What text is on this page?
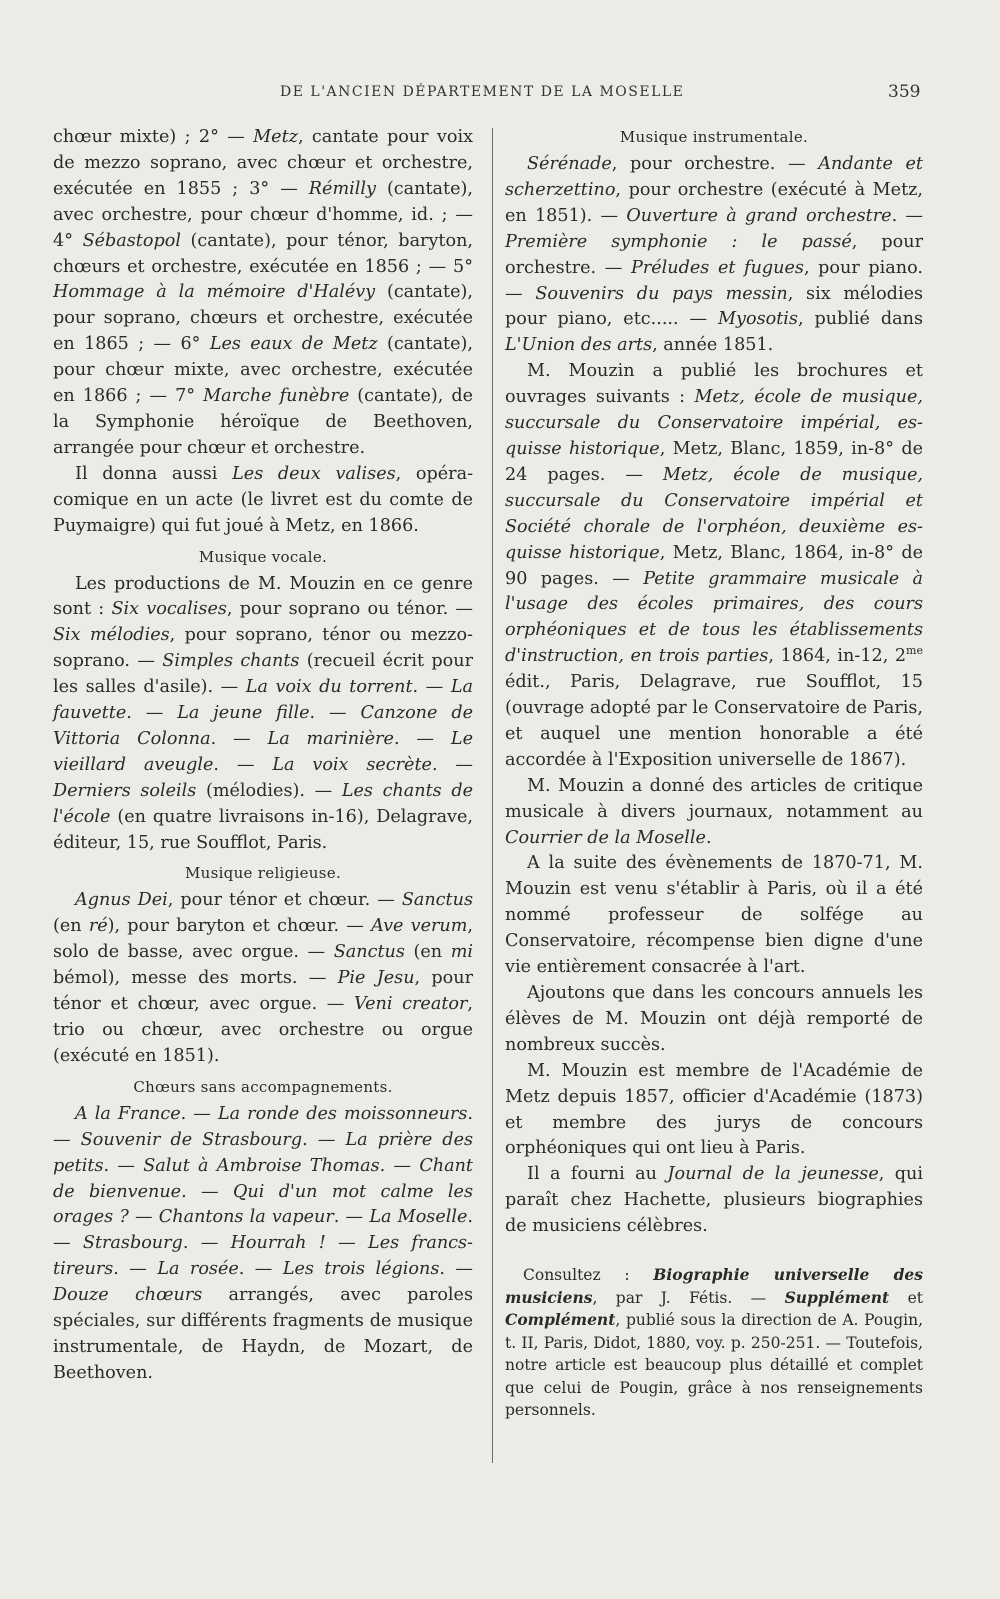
DE L'ANCIEN DÉPARTEMENT DE LA MOSELLE	359

chœur mixte) ; 2° — Metz, cantate pour voix de mezzo soprano, avec chœur et orchestre, exécutée en 1855 ; 3° — Rémilly (cantate), avec orchestre, pour chœur d'homme, id. ; — 4° Sébastopol (cantate), pour ténor, baryton, chœurs et orchestre, exécutée en 1856 ; — 5° Hommage à la mémoire d'Halévy (cantate), pour soprano, chœurs et orchestre, exécutée en 1865 ; — 6° Les eaux de Metz (cantate), pour chœur mixte, avec orchestre, exécutée en 1866 ; — 7° Marche funèbre (cantate), de la Symphonie héroïque de Beethoven, arrangée pour chœur et orchestre.

Il donna aussi Les deux valises, opéra-comique en un acte (le livret est du comte de Puymaigre) qui fut joué à Metz, en 1866.

Musique vocale.

Les productions de M. Mouzin en ce genre sont : Six vocalises, pour soprano ou ténor. — Six mélodies, pour soprano, ténor ou mezzo-soprano. — Simples chants (recueil écrit pour les salles d'asile). — La voix du torrent. — La fauvette. — La jeune fille. — Canzone de Vittoria Colonna. — La marinière. — Le vieillard aveugle. — La voix secrète. — Derniers soleils (mélodies). — Les chants de l'école (en quatre livraisons in-16), Delagrave, éditeur, 15, rue Soufflot, Paris.

Musique religieuse.

Agnus Dei, pour ténor et chœur. — Sanctus (en ré), pour baryton et chœur. — Ave verum, solo de basse, avec orgue. — Sanctus (en mi bémol), messe des morts. — Pie Jesu, pour ténor et chœur, avec orgue. — Veni creator, trio ou chœur, avec orchestre ou orgue (exécuté en 1851).

Chœurs sans accompagnements.

A la France. — La ronde des moissonneurs. — Souvenir de Strasbourg. — La prière des petits. — Salut à Ambroise Thomas. — Chant de bienvenue. — Qui d'un mot calme les orages ? — Chantons la vapeur. — La Moselle. — Strasbourg. — Hourrah ! — Les francs-tireurs. — La rosée. — Les trois légions. — Douze chœurs arrangés, avec paroles spéciales, sur différents fragments de musique instrumentale, de Haydn, de Mozart, de Beethoven.

Musique instrumentale.

Sérénade, pour orchestre. — Andante et scherzettino, pour orchestre (exécuté à Metz, en 1851). — Ouverture à grand orchestre. — Première symphonie : le passé, pour orchestre. — Préludes et fugues, pour piano. — Souvenirs du pays messin, six mélodies pour piano, etc..... — Myosotis, publié dans L'Union des arts, année 1851.

M. Mouzin a publié les brochures et ouvrages suivants : Metz, école de musique, succursale du Conservatoire impérial, esquisse historique, Metz, Blanc, 1859, in-8° de 24 pages. — Metz, école de musique, succursale du Conservatoire impérial et Société chorale de l'orphéon, deuxième esquisse historique, Metz, Blanc, 1864, in-8° de 90 pages. — Petite grammaire musicale à l'usage des écoles primaires, des cours orphéoniques et de tous les établissements d'instruction, en trois parties, 1864, in-12, $2^{me}$ édit., Paris, Delagrave, rue Soufflot, 15 (ouvrage adopté par le Conservatoire de Paris, et auquel une mention honorable a été accordée à l'Exposition universelle de 1867).

M. Mouzin a donné des articles de critique musicale à divers journaux, notamment au Courrier de la Moselle.

A la suite des évènements de 1870-71, M. Mouzin est venu s'établir à Paris, où il a été nommé professeur de solfége au Conservatoire, récompense bien digne d'une vie entièrement consacrée à l'art.

Ajoutons que dans les concours annuels les élèves de M. Mouzin ont déjà remporté de nombreux succès.

M. Mouzin est membre de l'Académie de Metz depuis 1857, officier d'Académie (1873) et membre des jurys de concours orphéoniques qui ont lieu à Paris.

Il a fourni au Journal de la jeunesse, qui paraît chez Hachette, plusieurs biographies de musiciens célèbres.

Consultez : Biographie universelle des musiciens, par J. Fétis. — Supplément et Complément, publié sous la direction de A. Pougin, t. II, Paris, Didot, 1880, voy. p. 250-251. — Toutefois, notre article est beaucoup plus détaillé et complet que celui de Pougin, grâce à nos renseignements personnels.
